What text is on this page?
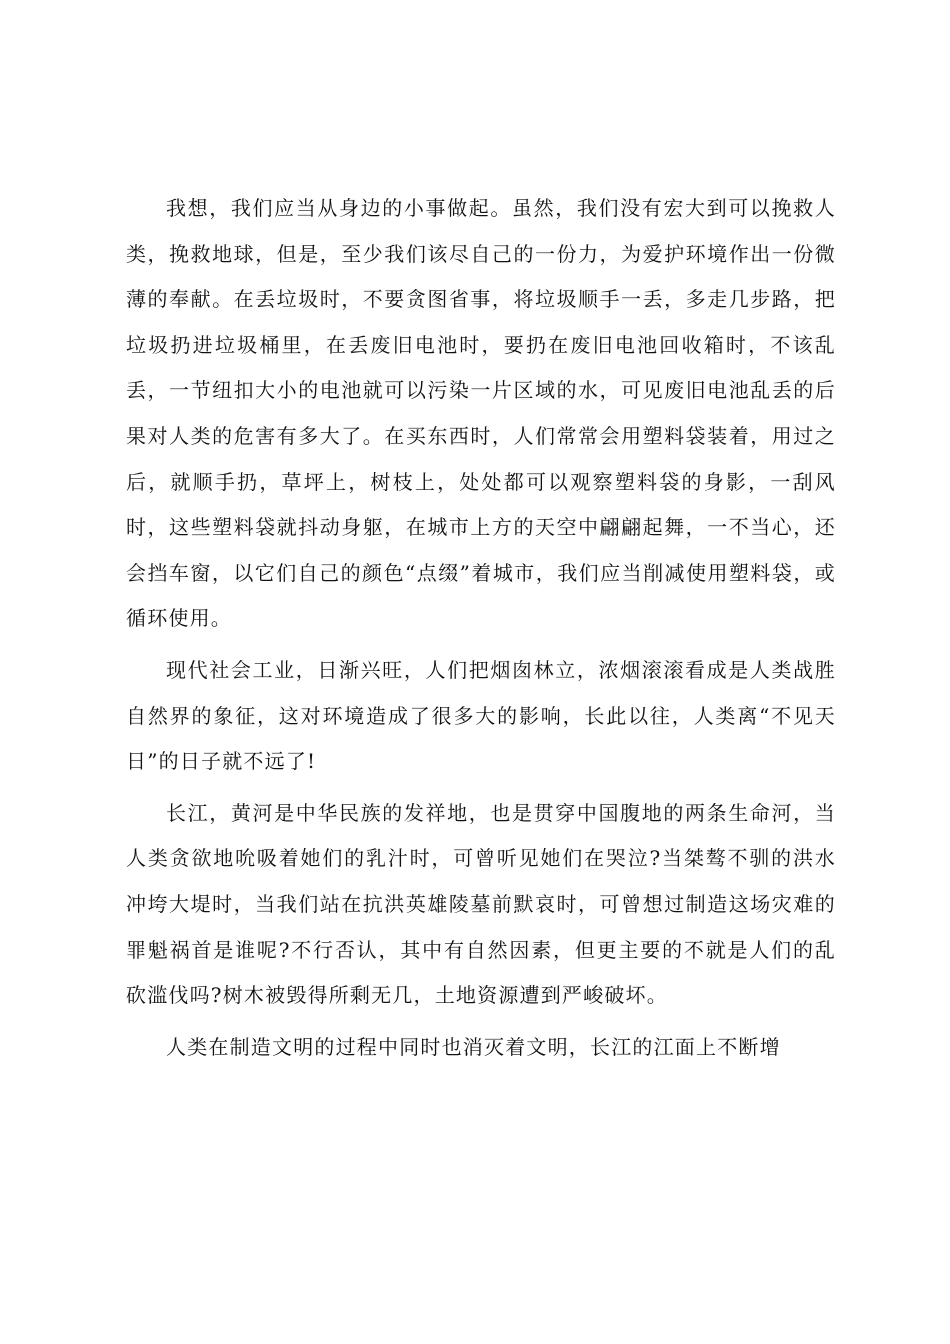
我想，我们应当从身边的小事做起。虽然，我们没有宏大到可以挽救人类，挽救地球，但是，至少我们该尽自己的一份力，为爱护环境作出一份微薄的奉献。在丢垃圾时，不要贪图省事，将垃圾顺手一丢，多走几步路，把垃圾扔进垃圾桶里，在丢废旧电池时，要扔在废旧电池回收箱时，不该乱丢，一节纽扣大小的电池就可以污染一片区域的水，可见废旧电池乱丢的后果对人类的危害有多大了。在买东西时，人们常常会用塑料袋装着，用过之后，就顺手扔，草坪上，树枝上，处处都可以观察塑料袋的身影，一刮风时，这些塑料袋就抖动身躯，在城市上方的天空中翩翩起舞，一不当心，还会挡车窗，以它们自己的颜色“点缀”着城市，我们应当削减使用塑料袋，或循环使用。

现代社会工业，日渐兴旺，人们把烟囱林立，浓烟滚滚看成是人类战胜自然界的象征，这对环境造成了很多大的影响，长此以往，人类离“不见天日”的日子就不远了!

长江，黄河是中华民族的发祥地，也是贯穿中国腹地的两条生命河，当人类贪欲地吮吸着她们的乳汁时，可曾听见她们在哭泣?当桀骜不驯的洪水冲垮大堤时，当我们站在抗洪英雄陵墓前默哀时，可曾想过制造这场灾难的罪魁祸首是谁呢?不行否认，其中有自然因素，但更主要的不就是人们的乱砍滥伐吗?树木被毁得所剩无几，土地资源遭到严峻破坏。

人类在制造文明的过程中同时也消灭着文明，长江的江面上不断增
